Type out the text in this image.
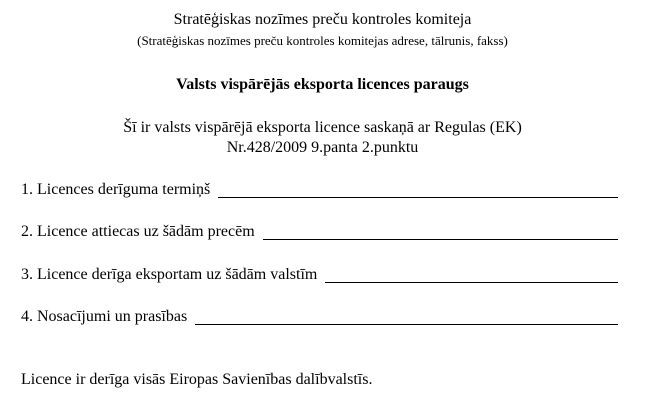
Stratēģiskas nozīmes preču kontroles komiteja
(Stratēģiskas nozīmes preču kontroles komitejas adrese, tālrunis, fakss)
Valsts vispārējās eksporta licences paraugs
Šī ir valsts vispārējā eksporta licence saskaņā ar Regulas (EK)
Nr.428/2009 9.panta 2.punktu
1. Licences derīguma termiņš
2. Licence attiecas uz šādām precēm
3. Licence derīga eksportam uz šādām valstīm
4. Nosacījumi un prasības
Licence ir derīga visās Eiropas Savienības dalībvalstīs.
